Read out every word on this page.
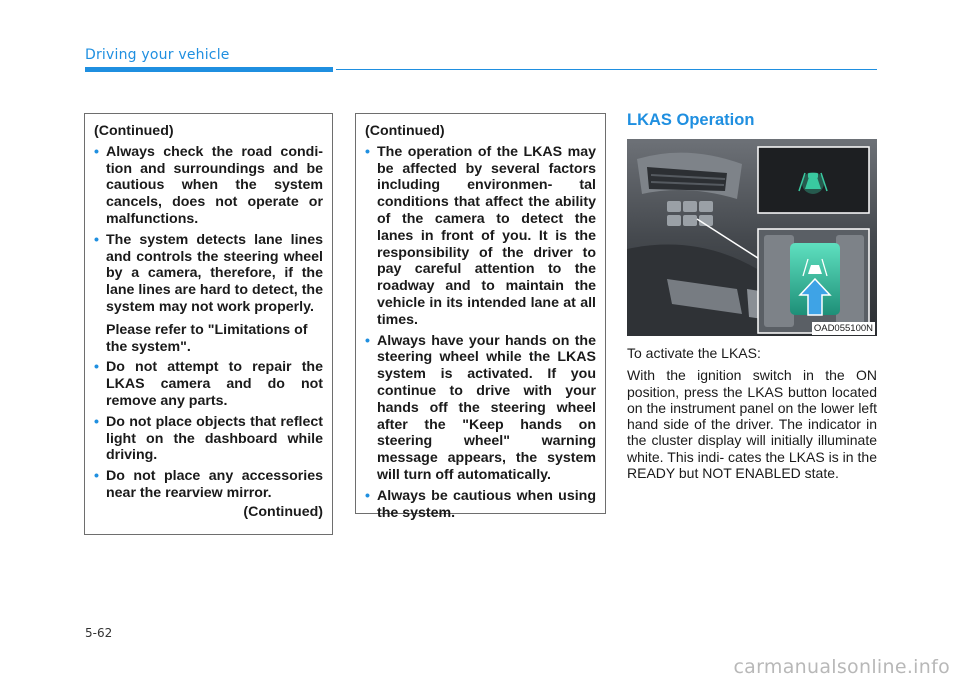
Driving your vehicle
(Continued)
• Always check the road condi- tion and surroundings and be cautious when the system cancels, does not operate or malfunctions.

• The system detects lane lines and controls the steering wheel by a camera, therefore, if the lane lines are hard to detect, the system may not work properly.

Please refer to "Limitations of the system".

• Do not attempt to repair the LKAS camera and do not remove any parts.

• Do not place objects that reflect light on the dashboard while driving.

• Do not place any accessories near the rearview mirror.

(Continued)
(Continued)
• The operation of the LKAS may be affected by several factors including environmen- tal conditions that affect the ability of the camera to detect the lanes in front of you. It is the responsibility of the driver to pay careful attention to the roadway and to maintain the vehicle in its intended lane at all times.

• Always have your hands on the steering wheel while the LKAS system is activated. If you continue to drive with your hands off the steering wheel after the "Keep hands on steering wheel" warning message appears, the system will turn off automatically.

• Always be cautious when using the system.

LKAS Operation
OAD055100N

To activate the LKAS:

With the ignition switch in the ON position, press the LKAS button located on the instrument panel on the lower left hand side of the driver. The indicator in the cluster display will initially illuminate white. This indi- cates the LKAS is in the READY but NOT ENABLED state.

5-62
carmanualsonline.info
